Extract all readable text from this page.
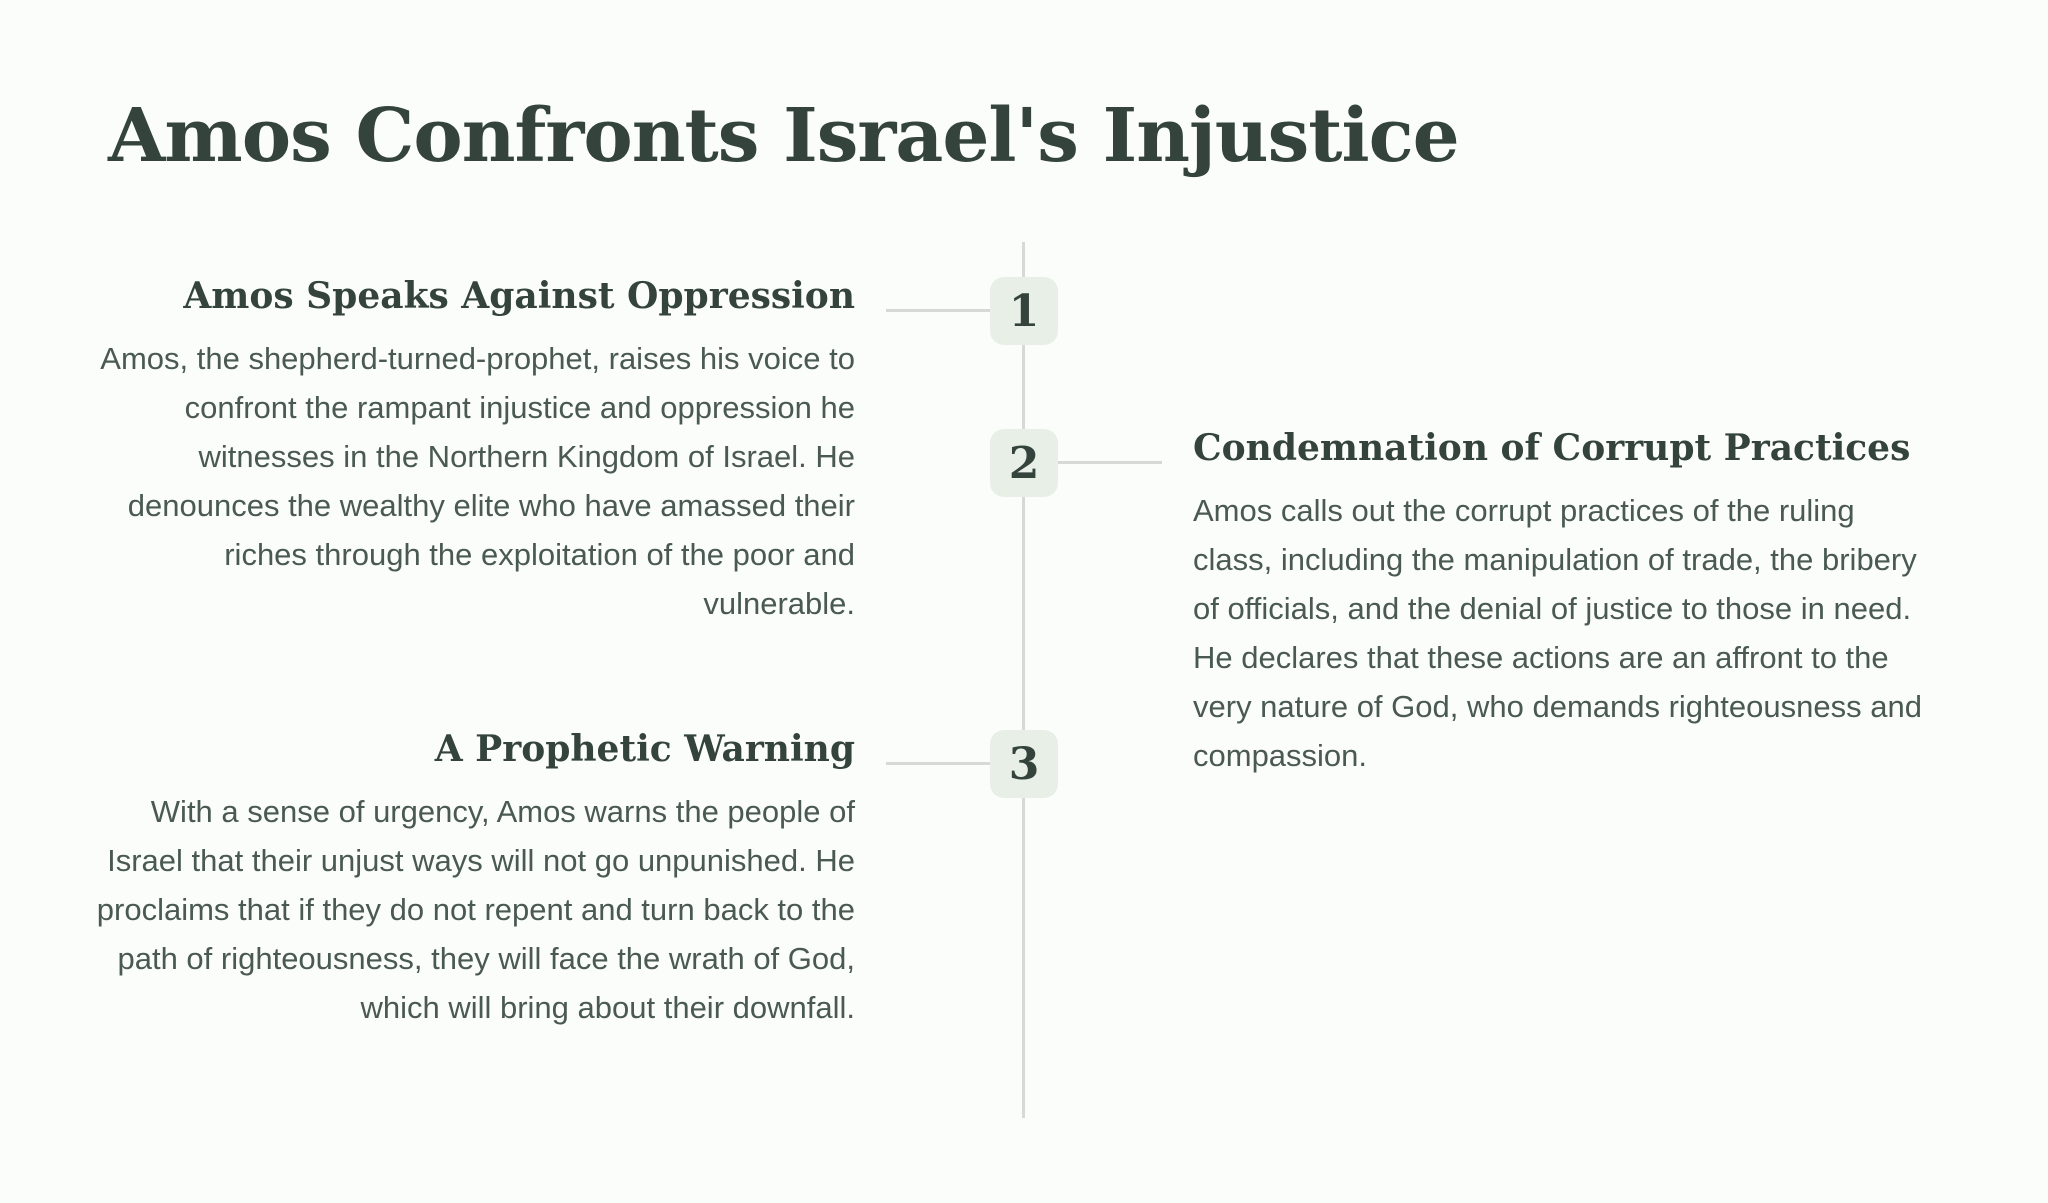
Amos Confronts Israel's Injustice
1
Amos Speaks Against Oppression

Amos, the shepherd-turned-prophet, raises his voice to confront the rampant injustice and oppression he witnesses in the Northern Kingdom of Israel. He denounces the wealthy elite who have amassed their riches through the exploitation of the poor and vulnerable.

2	Condemnation of Corrupt Practices

Amos calls out the corrupt practices of the ruling class, including the manipulation of trade, the bribery of officials, and the denial of justice to those in need. He declares that these actions are an affront to the very nature of God, who demands righteousness and compassion.

3
A Prophetic Warning

With a sense of urgency, Amos warns the people of Israel that their unjust ways will not go unpunished. He proclaims that if they do not repent and turn back to the path of righteousness, they will face the wrath of God, which will bring about their downfall.
